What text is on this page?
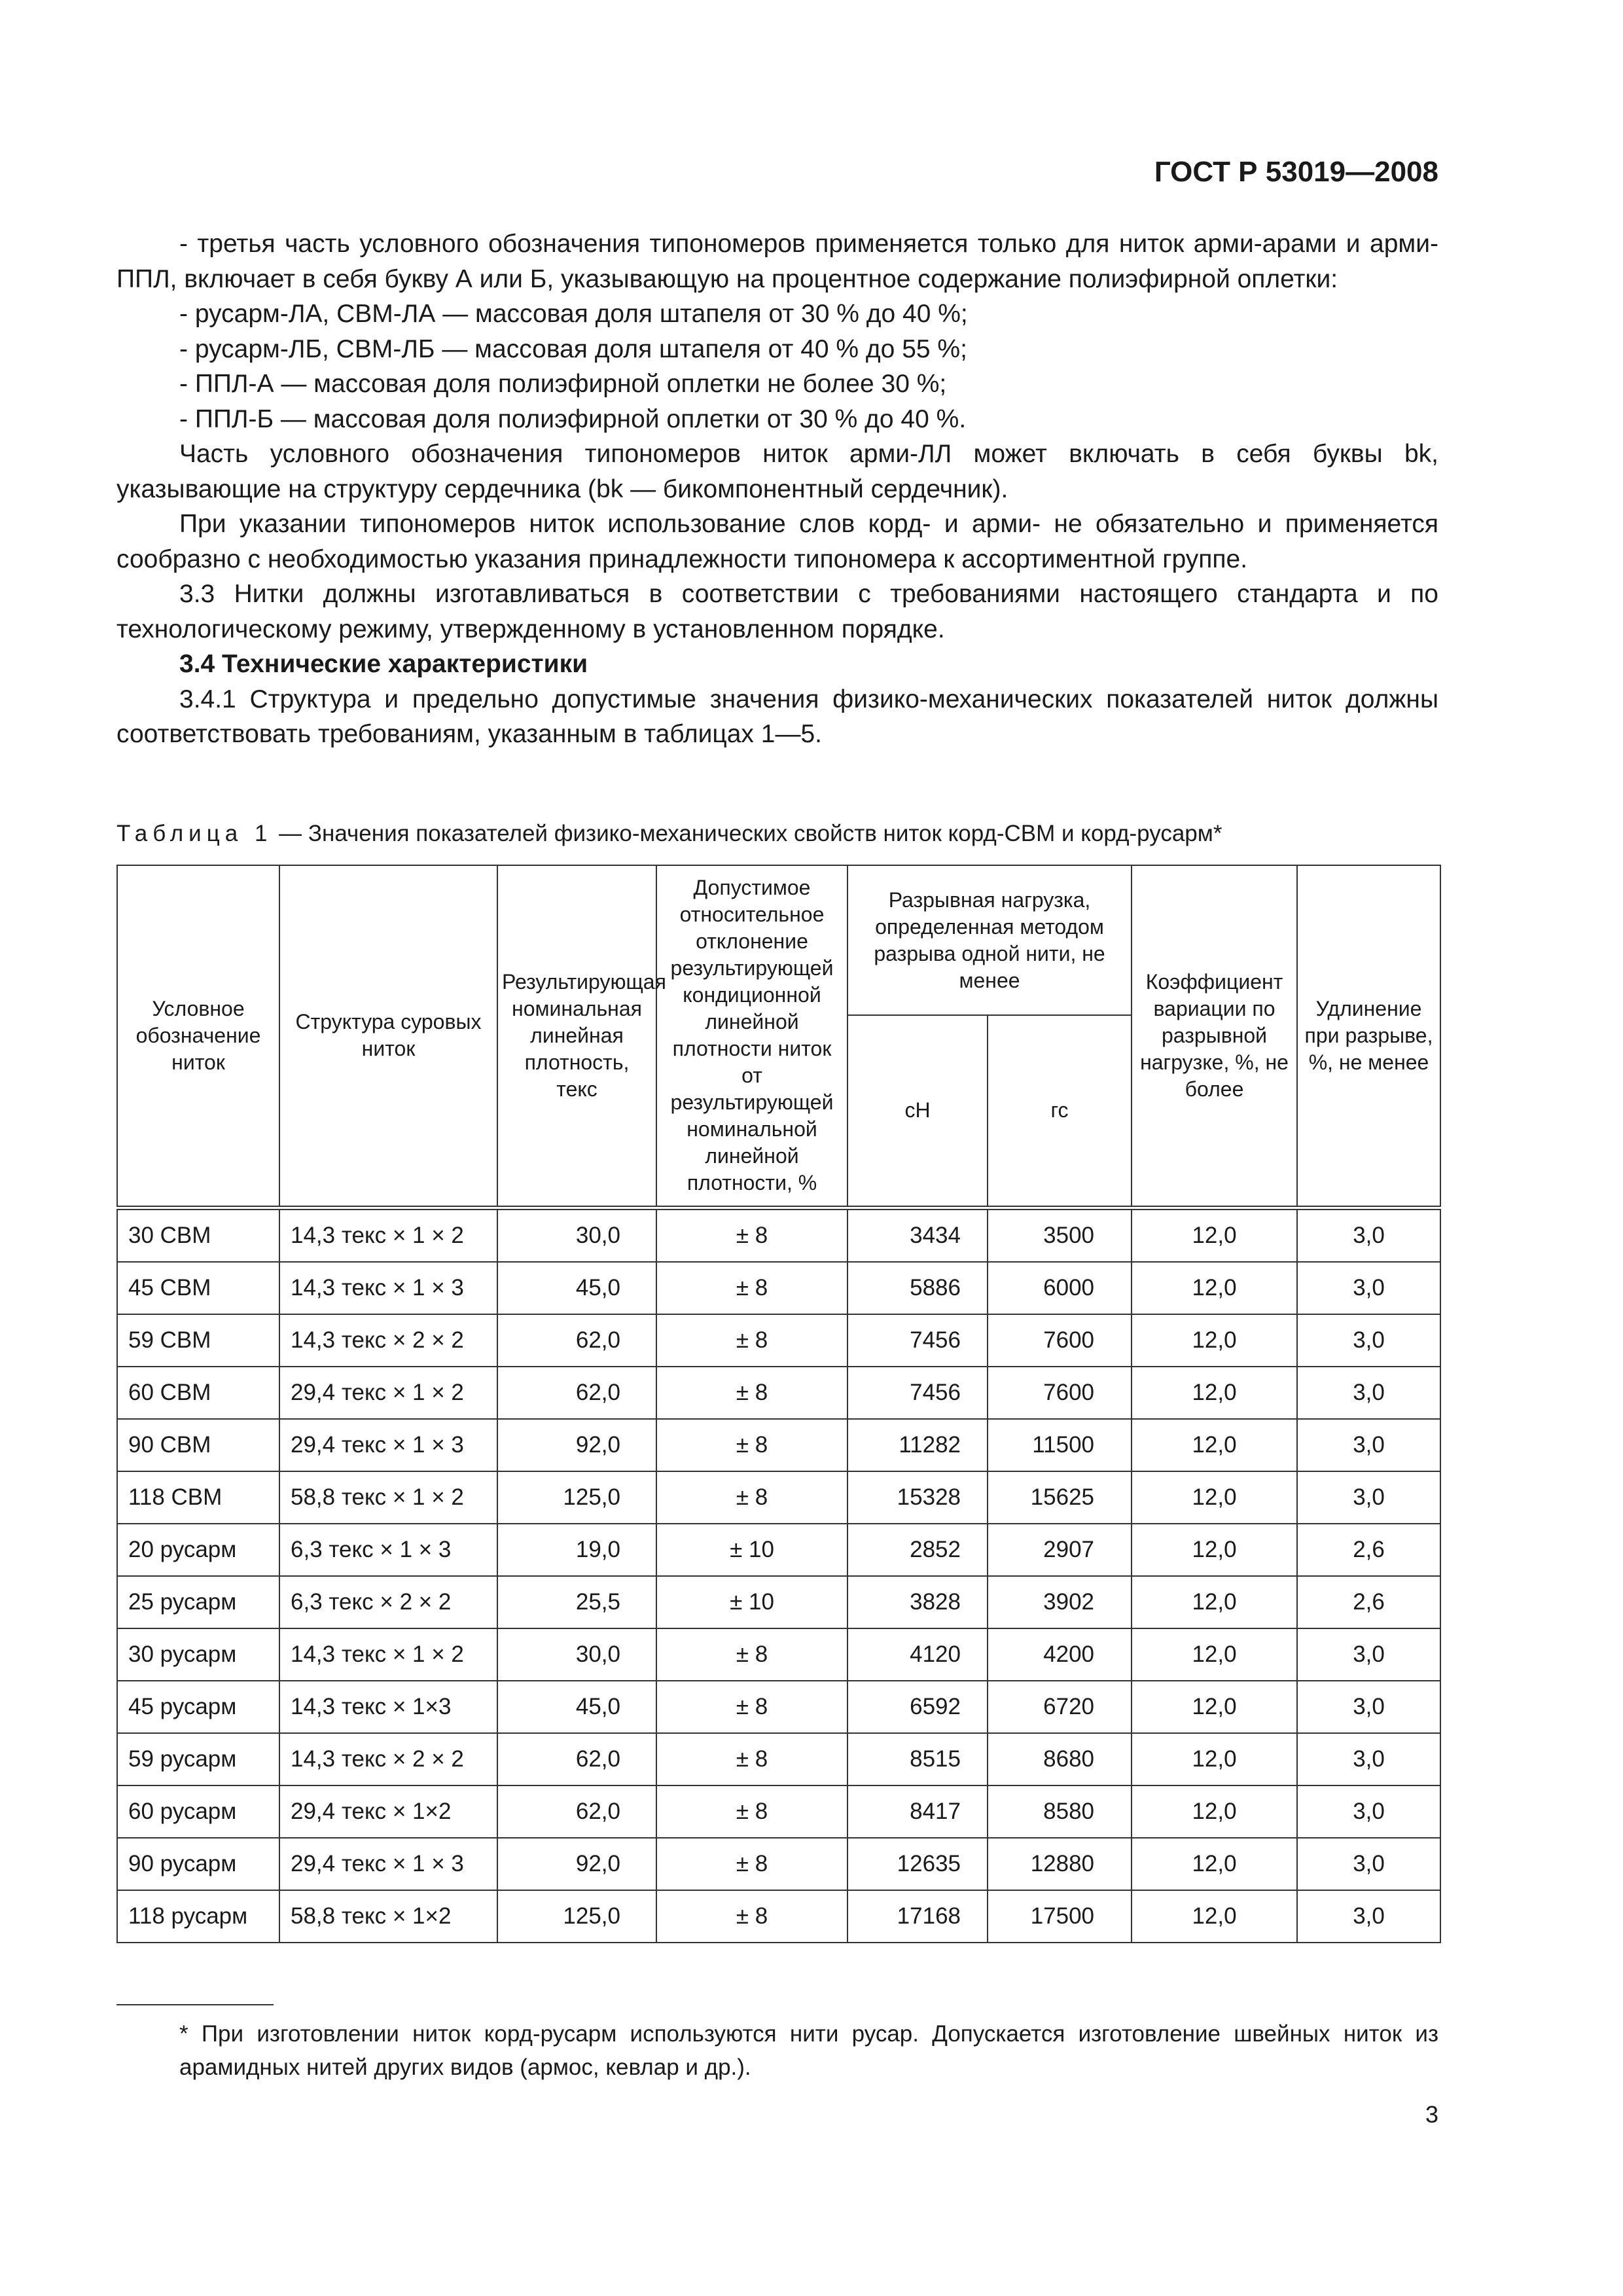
ГОСТ Р 53019—2008

- третья часть условного обозначения типономеров применяется только для ниток арми-арами и арми-ППЛ, включает в себя букву А или Б, указывающую на процентное содержание полиэфирной оплетки:

- русарм-ЛА, СВМ-ЛА — массовая доля штапеля от 30 % до 40 %;

- русарм-ЛБ, СВМ-ЛБ — массовая доля штапеля от 40 % до 55 %;

- ППЛ-А — массовая доля полиэфирной оплетки не более 30 %;

- ППЛ-Б — массовая доля полиэфирной оплетки от 30 % до 40 %.

Часть условного обозначения типономеров ниток арми-ЛЛ может включать в себя буквы bk, указывающие на структуру сердечника (bk — бикомпонентный сердечник).

При указании типономеров ниток использование слов корд- и арми- не обязательно и применяется сообразно с необходимостью указания принадлежности типономера к ассортиментной группе.

3.3 Нитки должны изготавливаться в соответствии с требованиями настоящего стандарта и по технологическому режиму, утвержденному в установленном порядке.

3.4 Технические характеристики

3.4.1 Структура и предельно допустимые значения физико-механических показателей ниток должны соответствовать требованиям, указанным в таблицах 1—5.

Таблица 1 — Значения показателей физико-механических свойств ниток корд-СВМ и корд-русарм*
Условное обозначение ниток	Структура суровых ниток	Результирующая номинальная линейная плотность, текс	Допустимое относительное отклонение результирующей кондиционной линейной плотности ниток от результирующей номинальной линейной плотности, %	Разрывная нагрузка, определенная методом разрыва одной нити, не менее		Коэффициент вариации по разрывной нагрузке, %, не более	Удлинение при разрыве, %, не менее
				сН	гс		
30 СВМ	14,3 текс × 1 × 2	30,0	± 8	3434	3500	12,0	3,0
45 СВМ	14,3 текс × 1 × 3	45,0	± 8	5886	6000	12,0	3,0
59 СВМ	14,3 текс × 2 × 2	62,0	± 8	7456	7600	12,0	3,0
60 СВМ	29,4 текс × 1 × 2	62,0	± 8	7456	7600	12,0	3,0
90 СВМ	29,4 текс × 1 × 3	92,0	± 8	11282	11500	12,0	3,0
118 СВМ	58,8 текс × 1 × 2	125,0	± 8	15328	15625	12,0	3,0
20 русарм	6,3 текс × 1 × 3	19,0	± 10	2852	2907	12,0	2,6
25 русарм	6,3 текс × 2 × 2	25,5	± 10	3828	3902	12,0	2,6
30 русарм	14,3 текс × 1 × 2	30,0	± 8	4120	4200	12,0	3,0
45 русарм	14,3 текс × 1×3	45,0	± 8	6592	6720	12,0	3,0
59 русарм	14,3 текс × 2 × 2	62,0	± 8	8515	8680	12,0	3,0
60 русарм	29,4 текс × 1×2	62,0	± 8	8417	8580	12,0	3,0
90 русарм	29,4 текс × 1 × 3	92,0	± 8	12635	12880	12,0	3,0
118 русарм	58,8 текс × 1×2	125,0	± 8	17168	17500	12,0	3,0
* При изготовлении ниток корд-русарм используются нити русар. Допускается изготовление швейных ниток из арамидных нитей других видов (армос, кевлар и др.).
3
